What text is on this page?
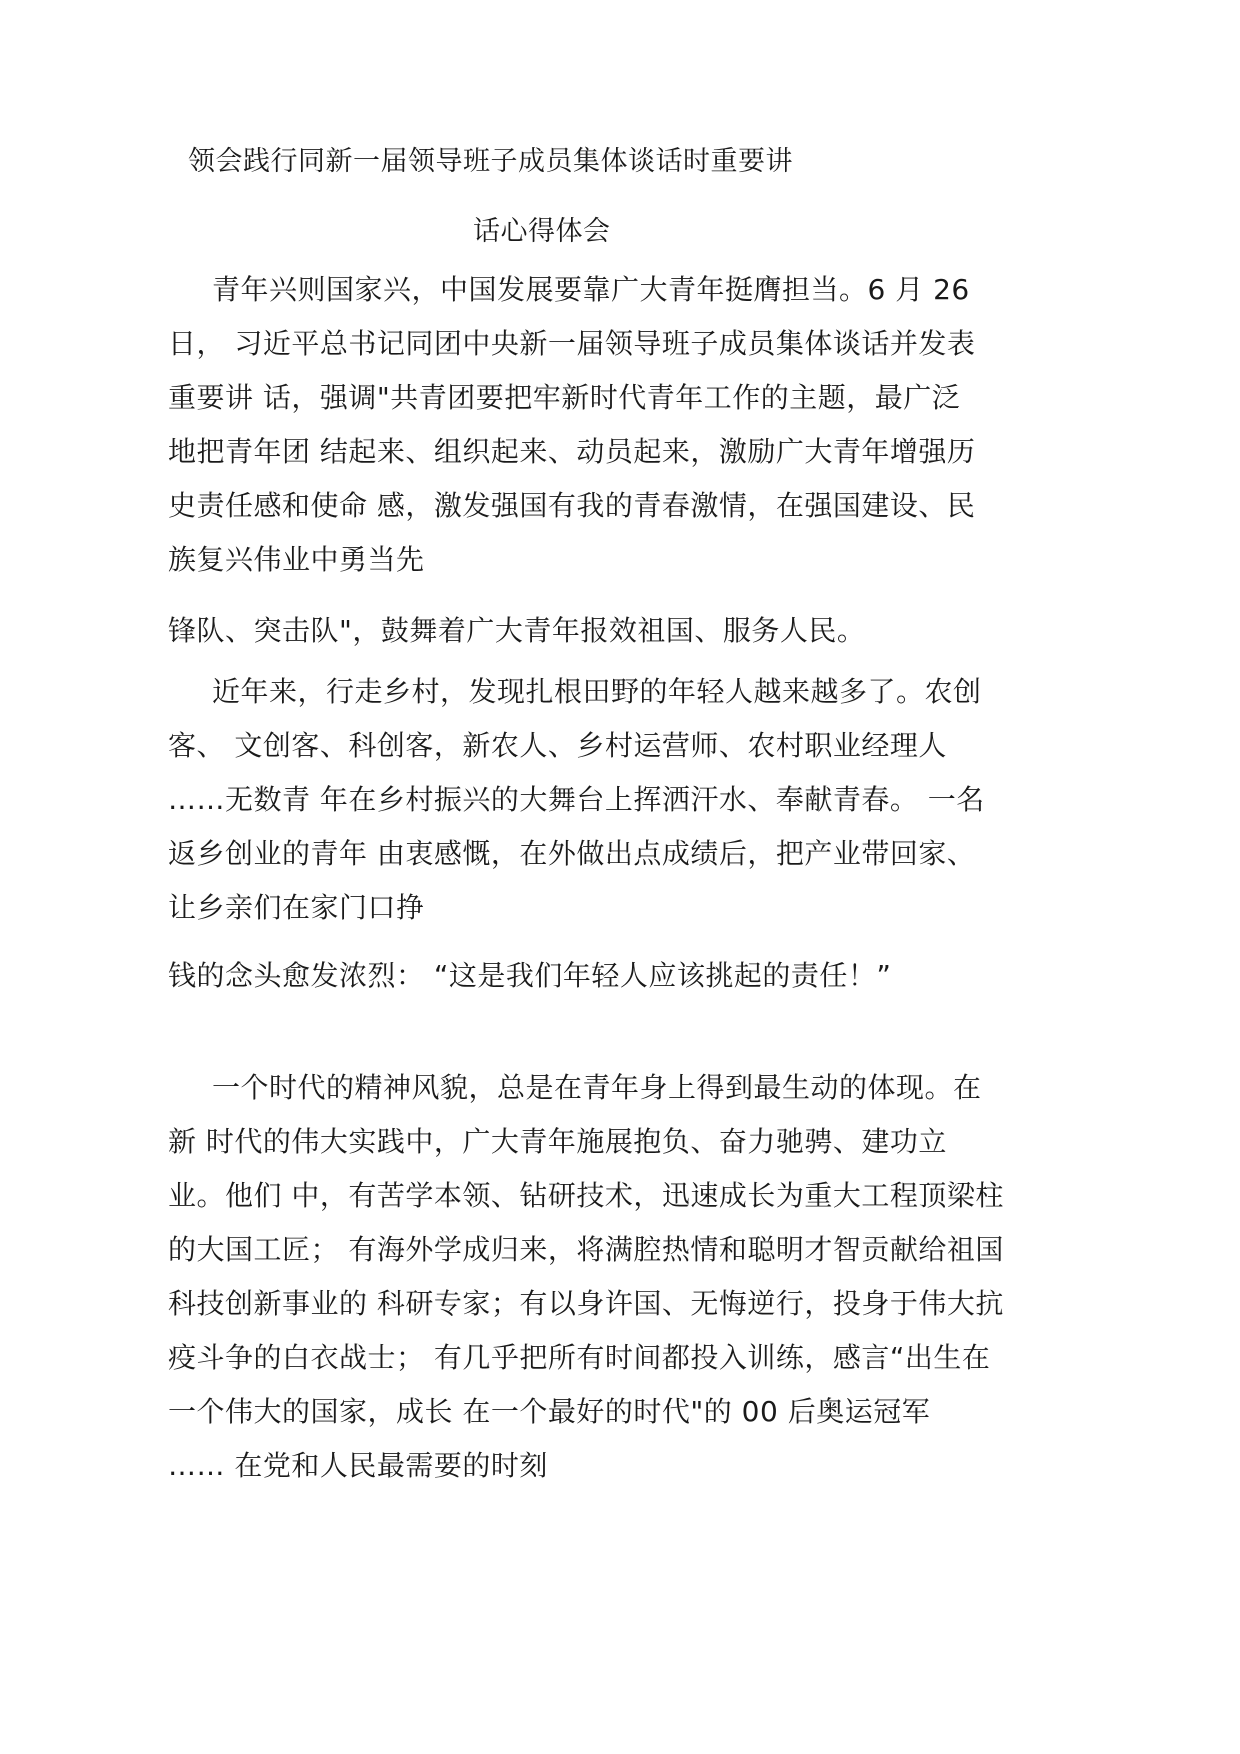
领会践行同新一届领导班子成员集体谈话时重要讲
话心得体会
青年兴则国家兴，中国发展要靠广大青年挺膺担当。6 月 26
日， 习近平总书记同团中央新一届领导班子成员集体谈话并发表
重要讲 话，强调"共青团要把牢新时代青年工作的主题，最广泛
地把青年团 结起来、组织起来、动员起来，激励广大青年增强历
史责任感和使命 感，激发强国有我的青春激情，在强国建设、民
族复兴伟业中勇当先
锋队、突击队"，鼓舞着广大青年报效祖国、服务人民。
近年来，行走乡村，发现扎根田野的年轻人越来越多了。农创
客、 文创客、科创客，新农人、乡村运营师、农村职业经理人
……无数青 年在乡村振兴的大舞台上挥洒汗水、奉献青春。 一名
返乡创业的青年 由衷感慨，在外做出点成绩后，把产业带回家、
让乡亲们在家门口挣
钱的念头愈发浓烈： “这是我们年轻人应该挑起的责任！”
一个时代的精神风貌，总是在青年身上得到最生动的体现。在
新 时代的伟大实践中，广大青年施展抱负、奋力驰骋、建功立
业。他们 中，有苦学本领、钻研技术，迅速成长为重大工程顶梁柱
的大国工匠； 有海外学成归来，将满腔热情和聪明才智贡献给祖国
科技创新事业的 科研专家；有以身许国、无悔逆行，投身于伟大抗
疫斗争的白衣战士； 有几乎把所有时间都投入训练，感言“出生在
一个伟大的国家，成长 在一个最好的时代"的 00 后奥运冠军
…… 在党和人民最需要的时刻
